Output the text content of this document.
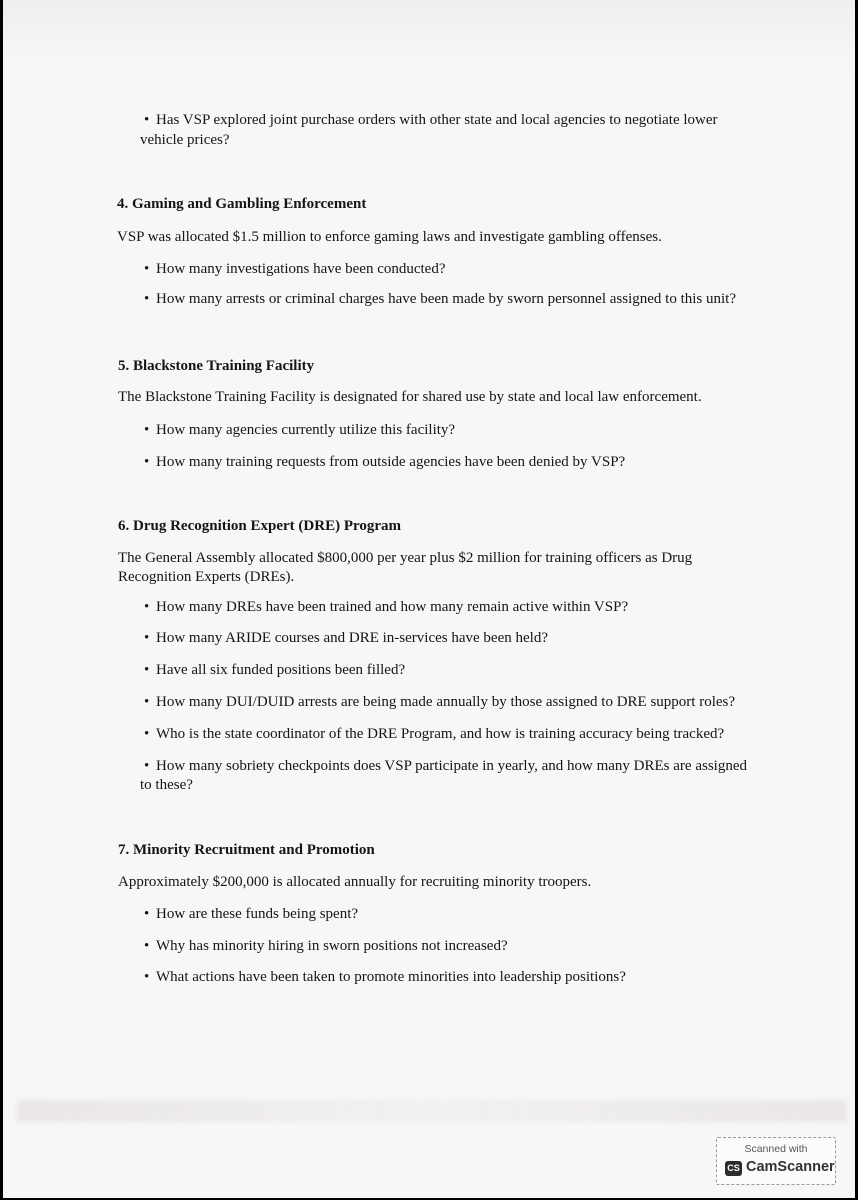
• Has VSP explored joint purchase orders with other state and local agencies to negotiate lower
vehicle prices?
4. Gaming and Gambling Enforcement
VSP was allocated $1.5 million to enforce gaming laws and investigate gambling offenses.
• How many investigations have been conducted?
• How many arrests or criminal charges have been made by sworn personnel assigned to this unit?
5. Blackstone Training Facility
The Blackstone Training Facility is designated for shared use by state and local law enforcement.
• How many agencies currently utilize this facility?
• How many training requests from outside agencies have been denied by VSP?
6. Drug Recognition Expert (DRE) Program
The General Assembly allocated $800,000 per year plus $2 million for training officers as Drug
Recognition Experts (DREs).
• How many DREs have been trained and how many remain active within VSP?
• How many ARIDE courses and DRE in-services have been held?
• Have all six funded positions been filled?
• How many DUI/DUID arrests are being made annually by those assigned to DRE support roles?
• Who is the state coordinator of the DRE Program, and how is training accuracy being tracked?
• How many sobriety checkpoints does VSP participate in yearly, and how many DREs are assigned
to these?
7. Minority Recruitment and Promotion
Approximately $200,000 is allocated annually for recruiting minority troopers.
• How are these funds being spent?
• Why has minority hiring in sworn positions not increased?
• What actions have been taken to promote minorities into leadership positions?
Scanned with
CS CamScanner
